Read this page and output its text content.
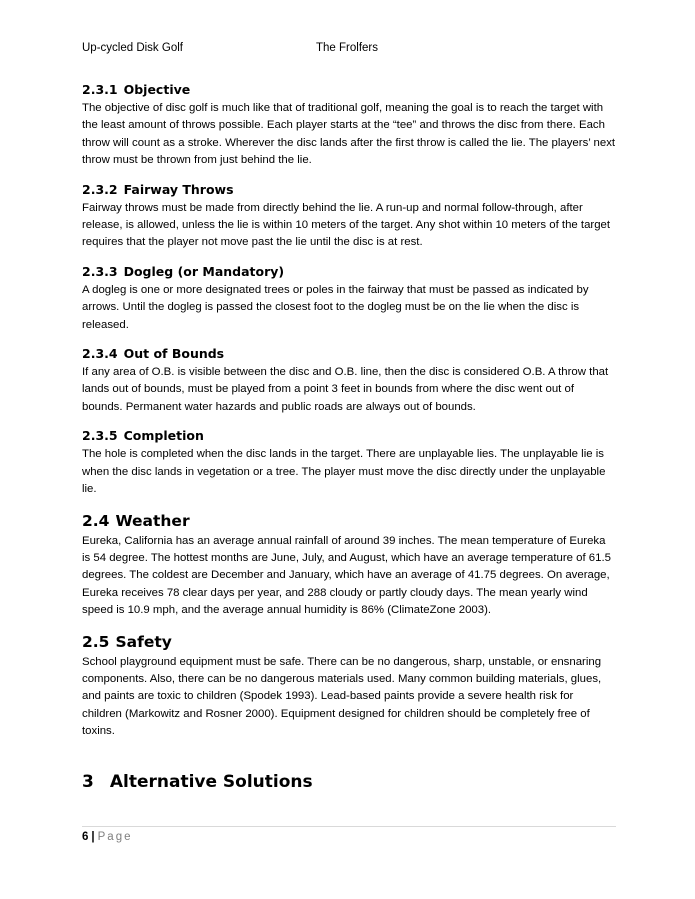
Up-cycled Disk Golf	The Frolfers
2.3.1 Objective

The objective of disc golf is much like that of traditional golf, meaning the goal is to reach the target with the least amount of throws possible. Each player starts at the “tee” and throws the disc from there. Each throw will count as a stroke. Wherever the disc lands after the first throw is called the lie. The players’ next throw must be thrown from just behind the lie.

2.3.2 Fairway Throws

Fairway throws must be made from directly behind the lie. A run-up and normal follow-through, after release, is allowed, unless the lie is within 10 meters of the target. Any shot within 10 meters of the target requires that the player not move past the lie until the disc is at rest.

2.3.3 Dogleg (or Mandatory)

A dogleg is one or more designated trees or poles in the fairway that must be passed as indicated by arrows. Until the dogleg is passed the closest foot to the dogleg must be on the lie when the disc is released.

2.3.4 Out of Bounds

If any area of O.B. is visible between the disc and O.B. line, then the disc is considered O.B. A throw that lands out of bounds, must be played from a point 3 feet in bounds from where the disc went out of bounds. Permanent water hazards and public roads are always out of bounds.

2.3.5 Completion

The hole is completed when the disc lands in the target. There are unplayable lies. The unplayable lie is when the disc lands in vegetation or a tree. The player must move the disc directly under the unplayable lie.

2.4 Weather

Eureka, California has an average annual rainfall of around 39 inches. The mean temperature of Eureka is 54 degree. The hottest months are June, July, and August, which have an average temperature of 61.5 degrees. The coldest are December and January, which have an average of 41.75 degrees. On average, Eureka receives 78 clear days per year, and 288 cloudy or partly cloudy days. The mean yearly wind speed is 10.9 mph, and the average annual humidity is 86% (ClimateZone 2003).

2.5 Safety

School playground equipment must be safe. There can be no dangerous, sharp, unstable, or ensnaring components. Also, there can be no dangerous materials used. Many common building materials, glues, and paints are toxic to children (Spodek 1993). Lead-based paints provide a severe health risk for children (Markowitz and Rosner 2000). Equipment designed for children should be completely free of toxins.

3 Alternative Solutions
6 | Page
